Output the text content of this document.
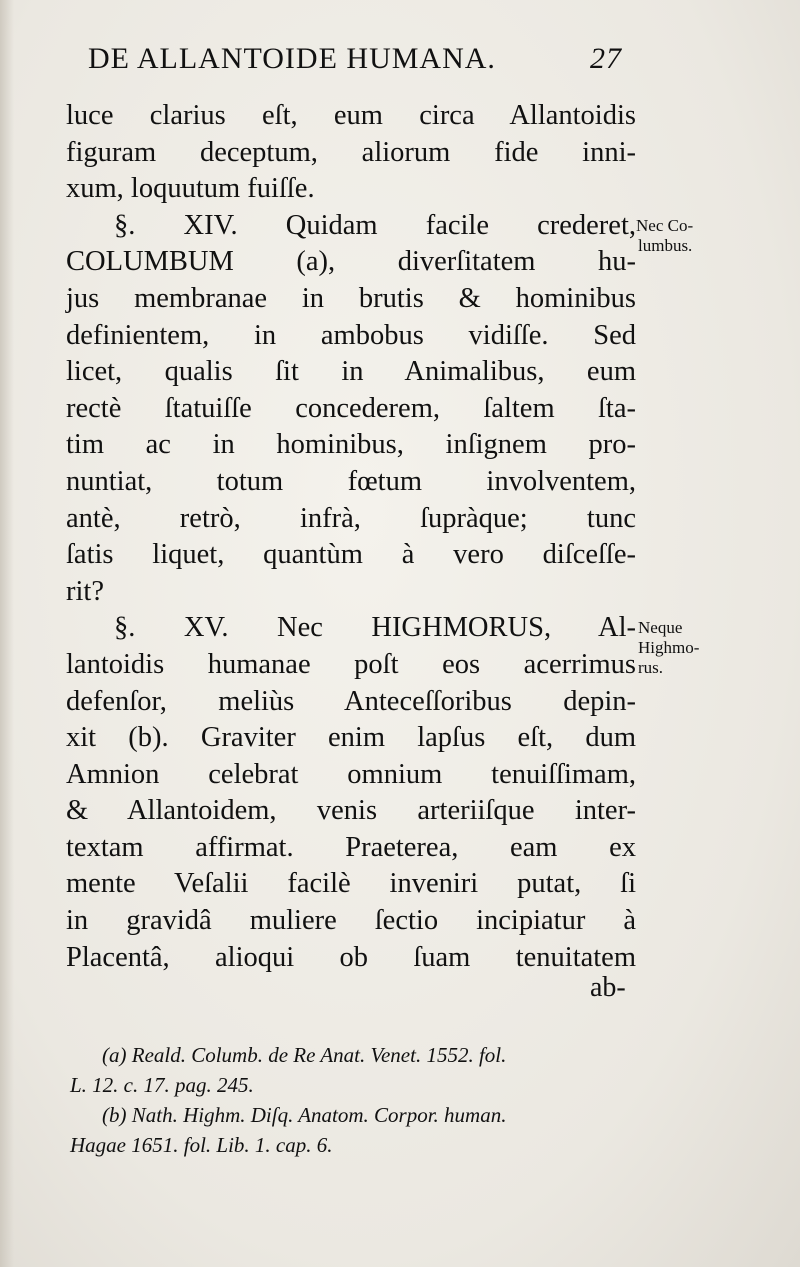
DE ALLANTOIDE HUMANA.	27
luce clarius eſt, eum circa Allantoidis
figuram deceptum, aliorum fide inni-
xum, loquutum fuiſſe.
§. XIV. Quidam facile crederet,
COLUMBUM (a), diverſitatem hu-
jus membranae in brutis & hominibus
definientem, in ambobus vidiſſe. Sed
licet, qualis ſit in Animalibus, eum
rectè ſtatuiſſe concederem, ſaltem ſta-
tim ac in hominibus, inſignem pro-
nuntiat, totum fœtum involventem,
antè, retrò, infrà, ſupràque; tunc
ſatis liquet, quantùm à vero diſceſſe-
rit?
§. XV. Nec HIGHMORUS, Al-
lantoidis humanae poſt eos acerrimus
defenſor, meliùs Anteceſſoribus depin-
xit (b). Graviter enim lapſus eſt, dum
Amnion celebrat omnium tenuiſſimam,
& Allantoidem, venis arteriiſque inter-
textam affirmat. Praeterea, eam ex
mente Veſalii facilè inveniri putat, ſi
in gravidâ muliere ſectio incipiatur à
Placentâ, alioqui ob ſuam tenuitatem
Nec Co-
lumbus.
Neque
Highmo-
rus.
ab-
(a) Reald. Columb. de Re Anat. Venet. 1552. fol.
L. 12. c. 17. pag. 245.
(b) Nath. Highm. Diſq. Anatom. Corpor. human.
Hagae 1651. fol. Lib. 1. cap. 6.
